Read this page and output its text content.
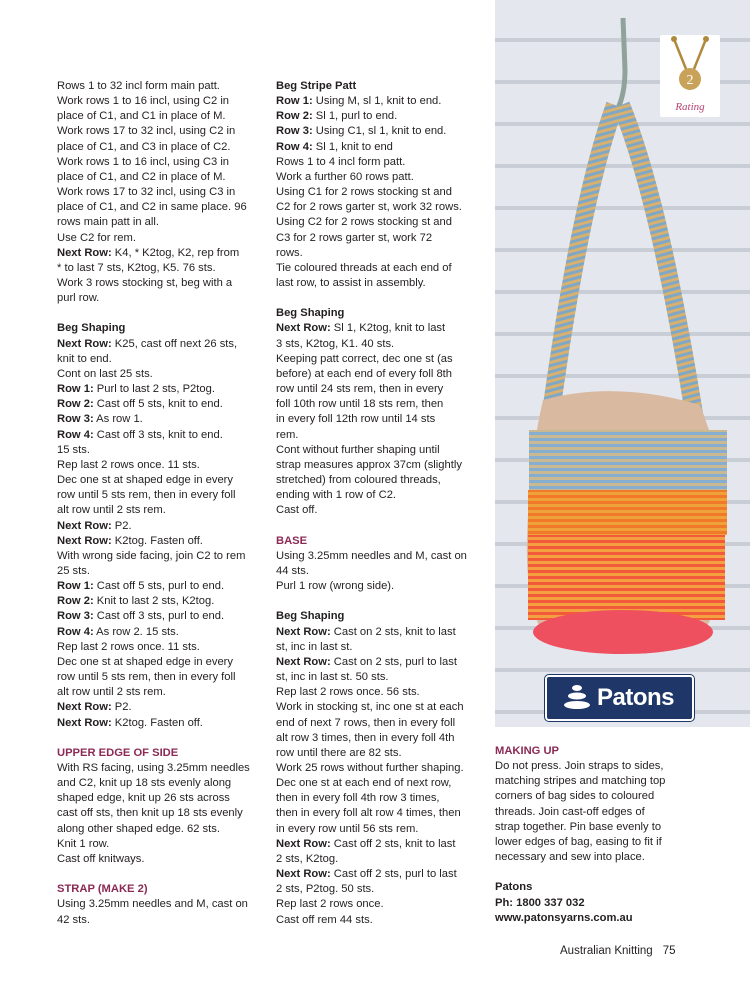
Rows 1 to 32 incl form main patt.
Work rows 1 to 16 incl, using C2 in
place of C1, and C1 in place of M.
Work rows 17 to 32 incl, using C2 in
place of C1, and C3 in place of C2.
Work rows 1 to 16 incl, using C3 in
place of C1, and C2 in place of M.
Work rows 17 to 32 incl, using C3 in
place of C1, and C2 in same place. 96
rows main patt in all.
Use C2 for rem.
Next Row: K4, * K2tog, K2, rep from
* to last 7 sts, K2tog, K5. 76 sts.
Work 3 rows stocking st, beg with a
purl row.
Beg Shaping
Next Row: K25, cast off next 26 sts,
knit to end.
Cont on last 25 sts.
Row 1: Purl to last 2 sts, P2tog.
Row 2: Cast off 5 sts, knit to end.
Row 3: As row 1.
Row 4: Cast off 3 sts, knit to end.
15 sts.
Rep last 2 rows once. 11 sts.
Dec one st at shaped edge in every
row until 5 sts rem, then in every foll
alt row until 2 sts rem.
Next Row: P2.
Next Row: K2tog. Fasten off.
With wrong side facing, join C2 to rem
25 sts.
Row 1: Cast off 5 sts, purl to end.
Row 2: Knit to last 2 sts, K2tog.
Row 3: Cast off 3 sts, purl to end.
Row 4: As row 2. 15 sts.
Rep last 2 rows once. 11 sts.
Dec one st at shaped edge in every
row until 5 sts rem, then in every foll
alt row until 2 sts rem.
Next Row: P2.
Next Row: K2tog. Fasten off.
UPPER EDGE OF SIDE
With RS facing, using 3.25mm needles
and C2, knit up 18 sts evenly along
shaped edge, knit up 26 sts across
cast off sts, then knit up 18 sts evenly
along other shaped edge. 62 sts.
Knit 1 row.
Cast off knitways.
STRAP (MAKE 2)
Using 3.25mm needles and M, cast on
42 sts.
Beg Stripe Patt
Row 1: Using M, sl 1, knit to end.
Row 2: Sl 1, purl to end.
Row 3: Using C1, sl 1, knit to end.
Row 4: Sl 1, knit to end
Rows 1 to 4 incl form patt.
Work a further 60 rows patt.
Using C1 for 2 rows stocking st and
C2 for 2 rows garter st, work 32 rows.
Using C2 for 2 rows stocking st and
C3 for 2 rows garter st, work 72
rows.
Tie coloured threads at each end of
last row, to assist in assembly.
Beg Shaping
Next Row: Sl 1, K2tog, knit to last
3 sts, K2tog, K1. 40 sts.
Keeping patt correct, dec one st (as
before) at each end of every foll 8th
row until 24 sts rem, then in every
foll 10th row until 18 sts rem, then
in every foll 12th row until 14 sts
rem.
Cont without further shaping until
strap measures approx 37cm (slightly
stretched) from coloured threads,
ending with 1 row of C2.
Cast off.
BASE
Using 3.25mm needles and M, cast on
44 sts.
Purl 1 row (wrong side).
Beg Shaping
Next Row: Cast on 2 sts, knit to last
st, inc in last st.
Next Row: Cast on 2 sts, purl to last
st, inc in last st. 50 sts.
Rep last 2 rows once. 56 sts.
Work in stocking st, inc one st at each
end of next 7 rows, then in every foll
alt row 3 times, then in every foll 4th
row until there are 82 sts.
Work 25 rows without further shaping.
Dec one st at each end of next row,
then in every foll 4th row 3 times,
then in every foll alt row 4 times, then
in every row until 56 sts rem.
Next Row: Cast off 2 sts, knit to last
2 sts, K2tog.
Next Row: Cast off 2 sts, purl to last
2 sts, P2tog. 50 sts.
Rep last 2 rows once.
Cast off rem 44 sts.
MAKING UP
Do not press. Join straps to sides,
matching stripes and matching top
corners of bag sides to coloured
threads. Join cast-off edges of
strap together. Pin base evenly to
lower edges of bag, easing to fit if
necessary and sew into place.
Patons
Ph: 1800 337 032
www.patonsyarns.com.au
2
Rating
Patons
Australian Knitting 75
